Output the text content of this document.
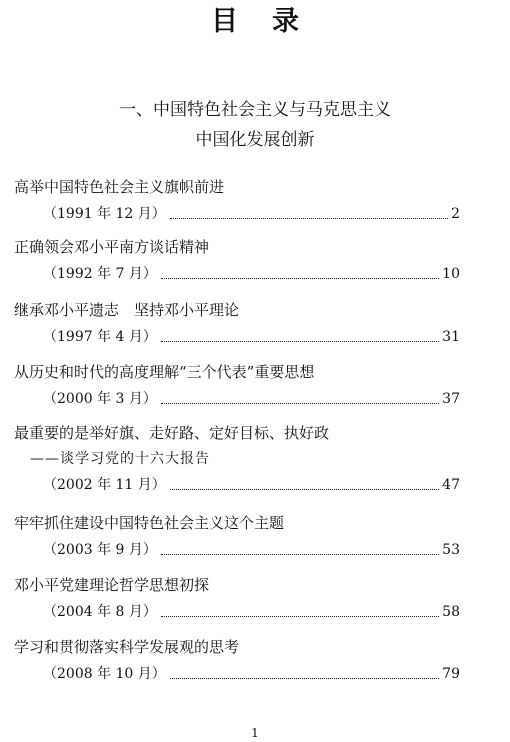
目录
一、中国特色社会主义与马克思主义
中国化发展创新
高举中国特色社会主义旗帜前进
（1991 年 12 月）	2
正确领会邓小平南方谈话精神
（1992 年 7 月）	10
继承邓小平遗志　坚持邓小平理论
（1997 年 4 月）	31
从历史和时代的高度理解“三个代表”重要思想
（2000 年 3 月）	37
最重要的是举好旗、走好路、定好目标、执好政
——谈学习党的十六大报告
（2002 年 11 月）	47
牢牢抓住建设中国特色社会主义这个主题
（2003 年 9 月）	53
邓小平党建理论哲学思想初探
（2004 年 8 月）	58
学习和贯彻落实科学发展观的思考
（2008 年 10 月）	79
1
